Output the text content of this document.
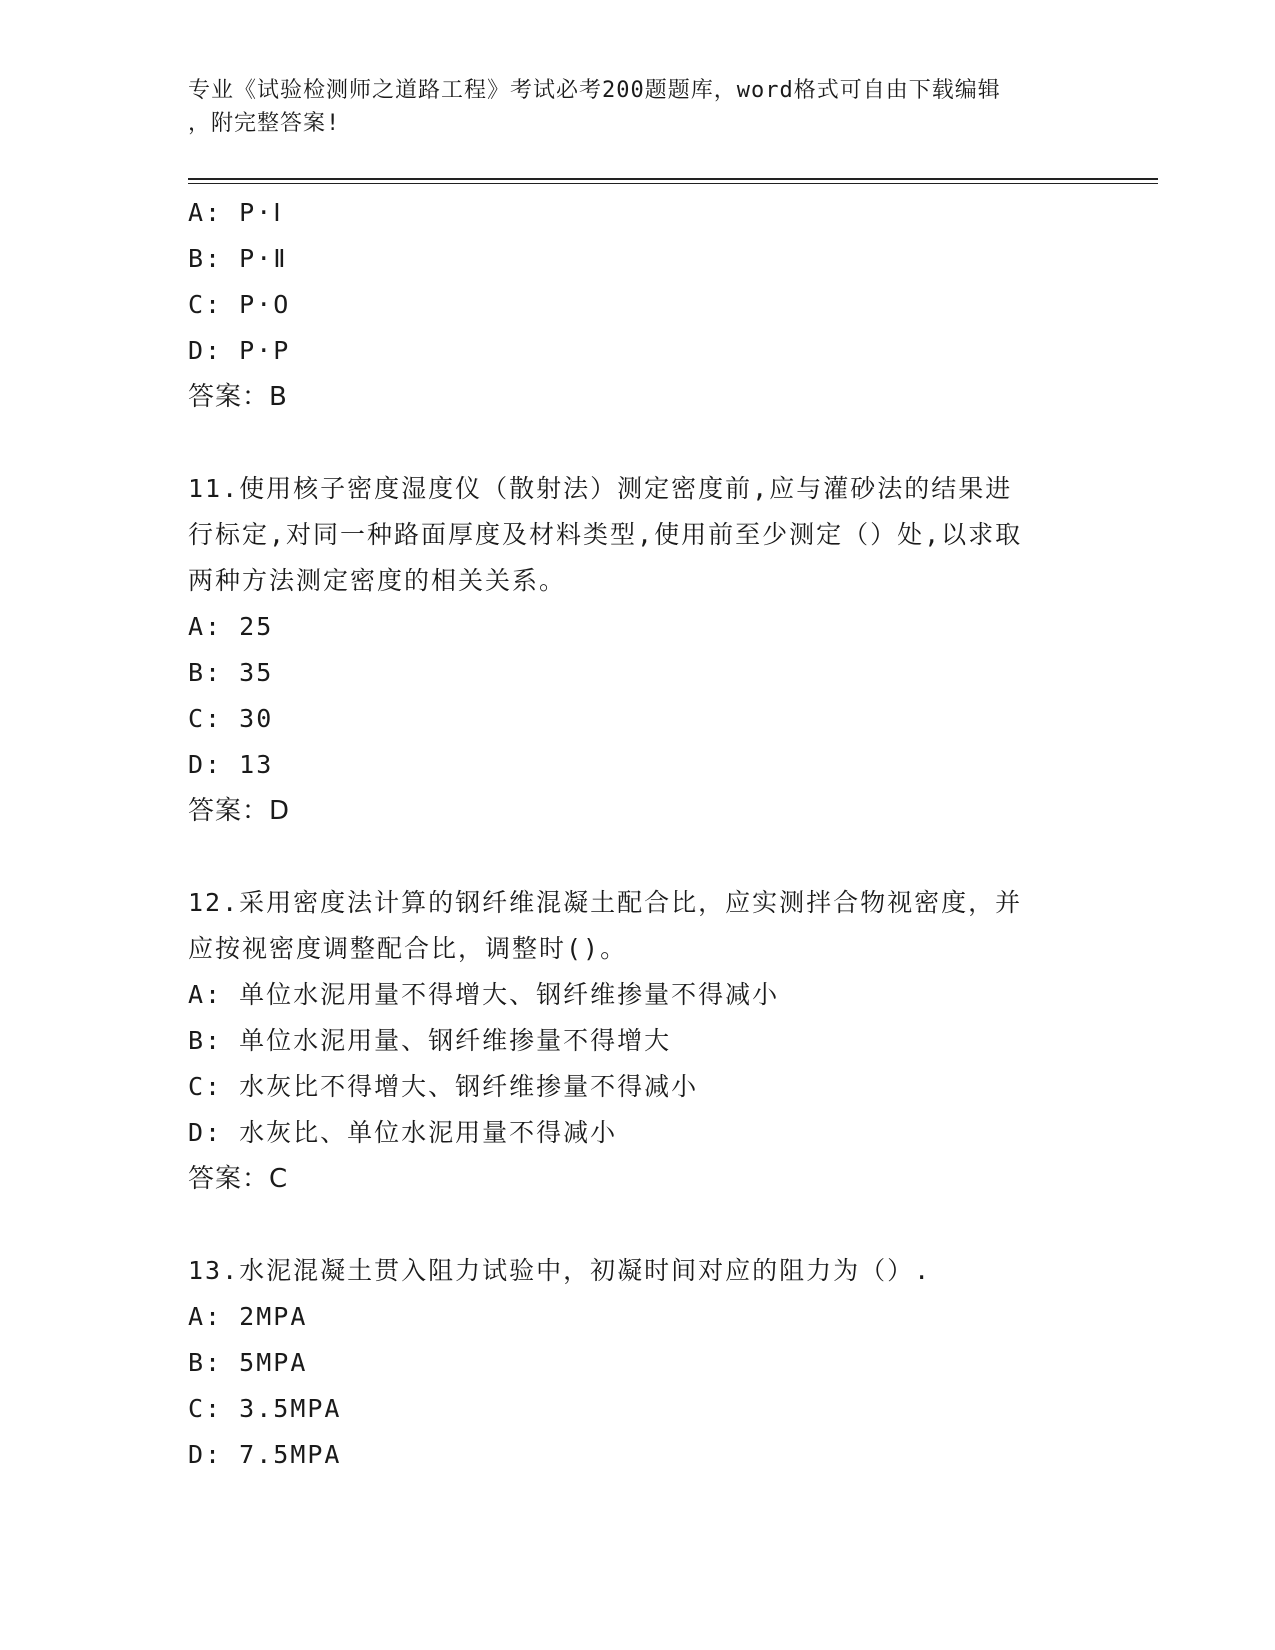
专业《试验检测师之道路工程》考试必考200题题库，word格式可自由下载编辑
，附完整答案!
A: P·Ⅰ
B: P·Ⅱ
C: P·O
D: P·P
答案：B
11.使用核子密度湿度仪（散射法）测定密度前,应与灌砂法的结果进
行标定,对同一种路面厚度及材料类型,使用前至少测定（）处,以求取
两种方法测定密度的相关关系。
A: 25
B: 35
C: 30
D: 13
答案：D
12.采用密度法计算的钢纤维混凝土配合比，应实测拌合物视密度，并
应按视密度调整配合比，调整时()。
A: 单位水泥用量不得增大、钢纤维掺量不得减小
B: 单位水泥用量、钢纤维掺量不得增大
C: 水灰比不得增大、钢纤维掺量不得减小
D: 水灰比、单位水泥用量不得减小
答案：C
13.水泥混凝土贯入阻力试验中，初凝时间对应的阻力为（）.
A: 2MPA
B: 5MPA
C: 3.5MPA
D: 7.5MPA
